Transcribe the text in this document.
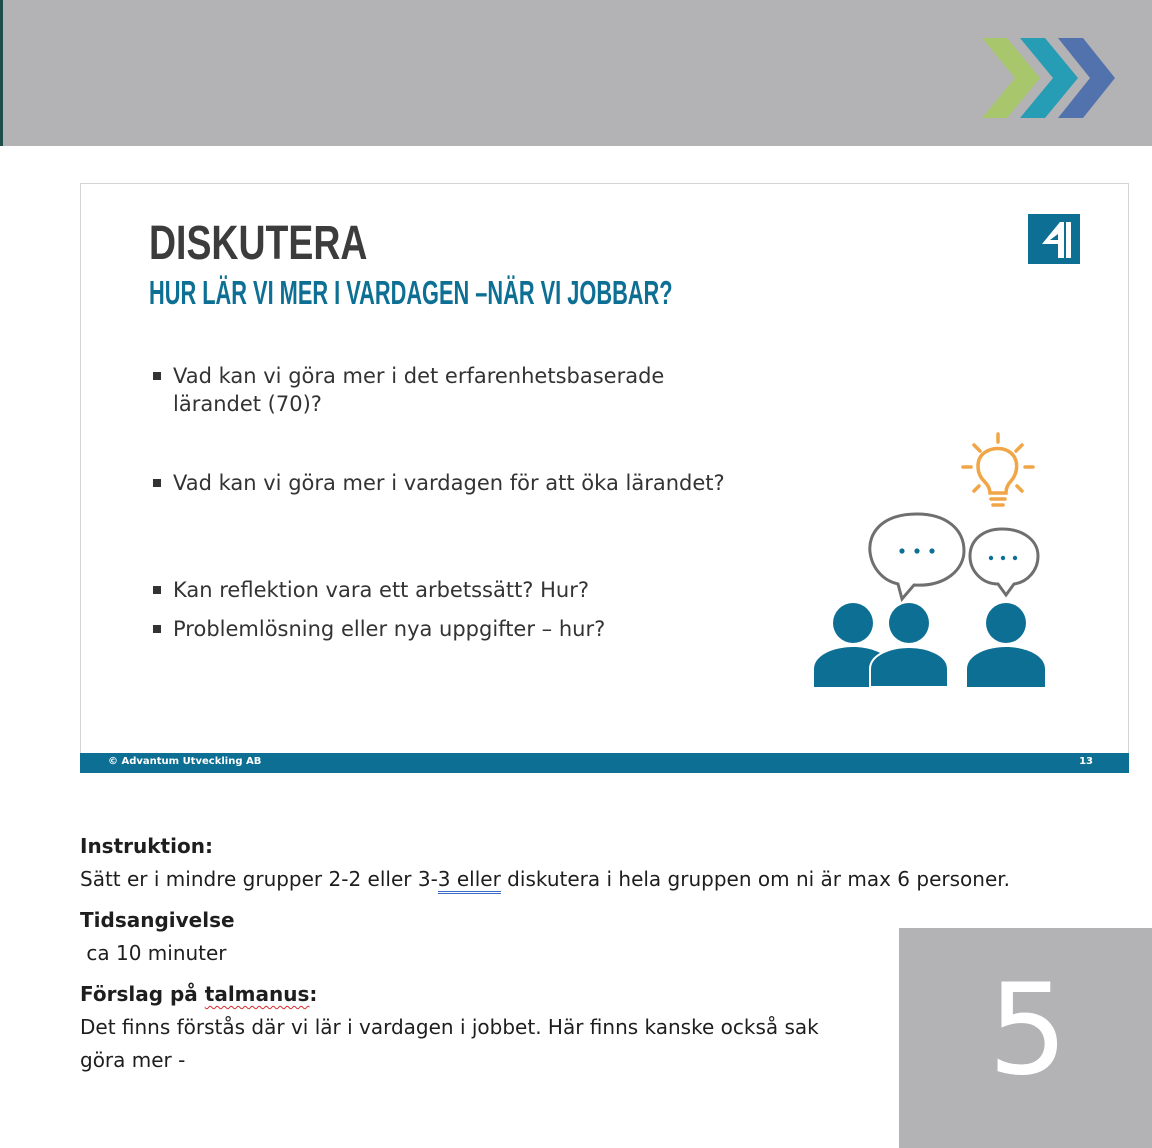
DISKUTERA
HUR LÄR VI MER I VARDAGEN –NÄR VI JOBBAR?
Vad kan vi göra mer i det erfarenhetsbaserade lärandet (70)?
Vad kan vi göra mer i vardagen för att öka lärandet?
Kan reflektion vara ett arbetssätt? Hur?
Problemlösning eller nya uppgifter – hur?
© Advantum Utveckling AB	13
Instruktion:
Sätt er i mindre grupper 2-2 eller 3-3 eller diskutera i hela gruppen om ni är max 6 personer.
Tidsangivelse
ca 10 minuter
Förslag på talmanus:
Det finns förstås där vi lär i vardagen i jobbet. Här finns kanske också sak
göra mer -	5
